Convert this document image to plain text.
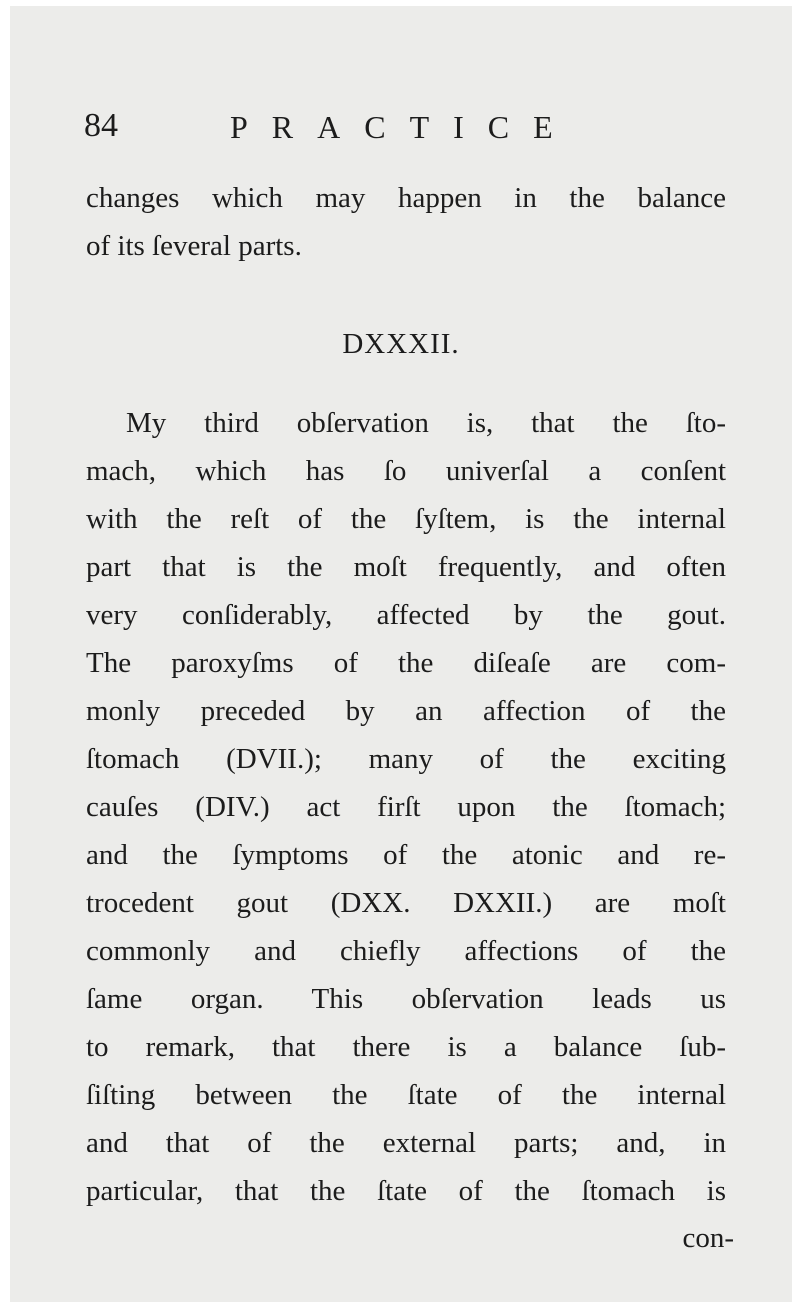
84	PRACTICE
changes which may happen in the balance
of its ſeveral parts.
DXXXII.
My third obſervation is, that the ſto-
mach, which has ſo univerſal a conſent
with the reſt of the ſyſtem, is the internal
part that is the moſt frequently, and often
very conſiderably, affected by the gout.
The paroxyſms of the diſeaſe are com-
monly preceded by an affection of the
ſtomach (DVII.); many of the exciting
cauſes (DIV.) act firſt upon the ſtomach;
and the ſymptoms of the atonic and re-
trocedent gout (DXX. DXXII.) are moſt
commonly and chiefly affections of the
ſame organ. This obſervation leads us
to remark, that there is a balance ſub-
ſiſting between the ſtate of the internal
and that of the external parts; and, in
particular, that the ſtate of the ſtomach is
con-
